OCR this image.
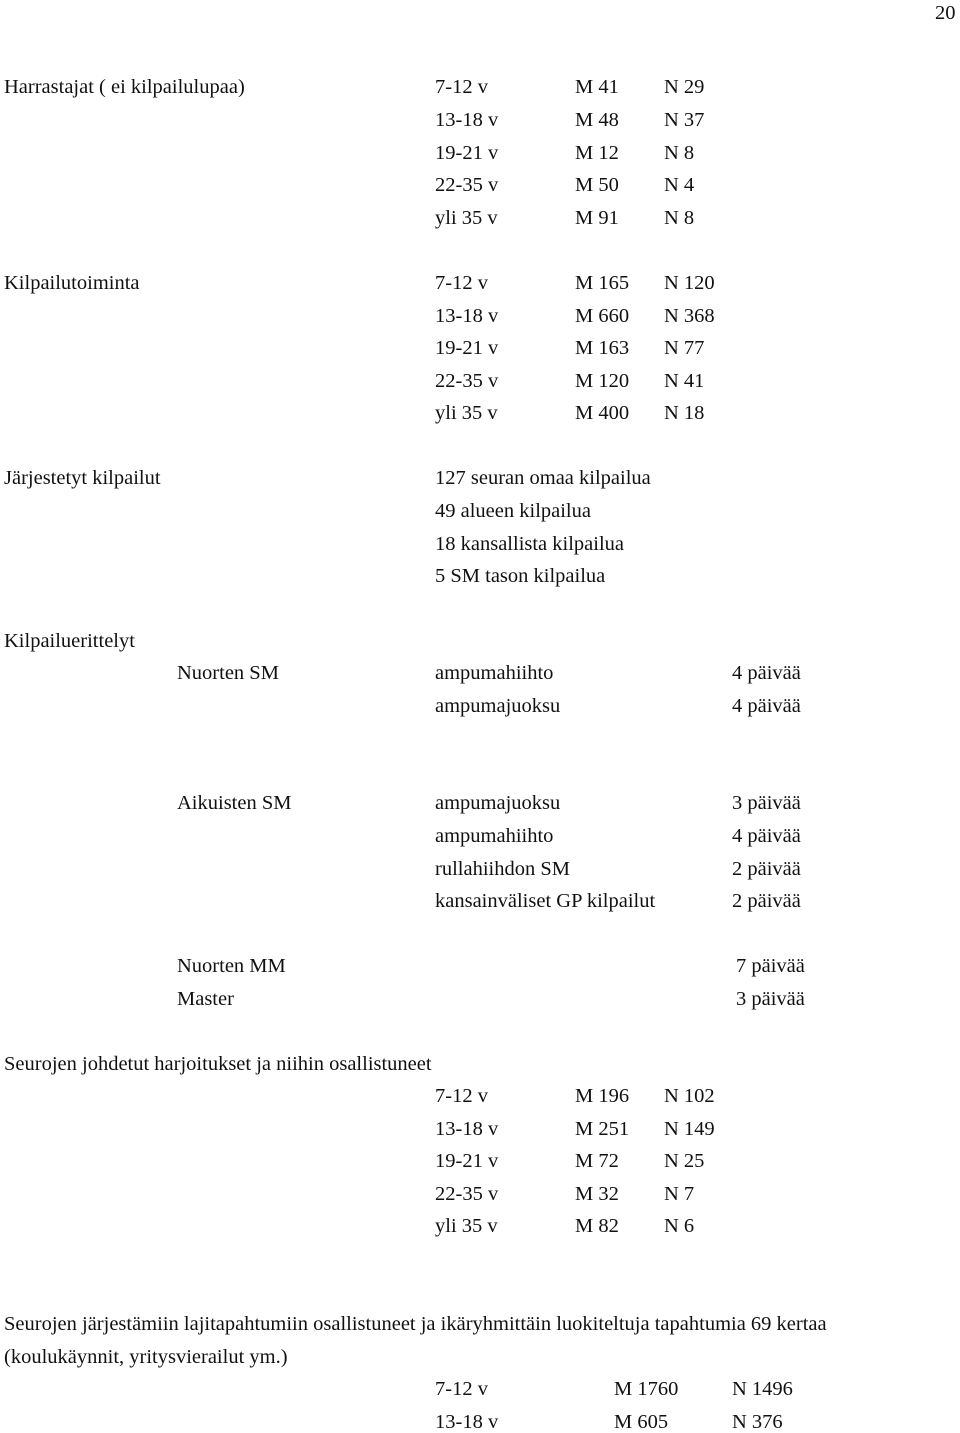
20
Harrastajat ( ei kilpailulupaa)	7-12 v	M 41 N 29
13-18 v	M 48 N 37
19-21 v	M 12 N 8
22-35 v	M 50 N 4
yli 35 v	M 91 N 8
Kilpailutoiminta	7-12 v	M 165 N 120
13-18 v	M 660 N 368
19-21 v	M 163 N 77
22-35 v	M 120 N 41
yli 35 v	M 400 N 18
Järjestetyt kilpailut	127 seuran omaa kilpailua
49 alueen kilpailua
18 kansallista kilpailua
5 SM tason kilpailua
Kilpailuerittelyt
Nuorten SM	ampumahiihto	4 päivää
ampumajuoksu	4 päivää
Aikuisten SM	ampumajuoksu	3 päivää
ampumahiihto	4 päivää
rullahiihdon SM	2 päivää
kansainväliset GP kilpailut	2 päivää
Nuorten MM	7 päivää
Master	3 päivää
Seurojen johdetut harjoitukset ja niihin osallistuneet
7-12 v	M 196 N 102
13-18 v	M 251 N 149
19-21 v	M 72 N 25
22-35 v	M 32 N 7
yli 35 v	M 82 N 6
Seurojen järjestämiin lajitapahtumiin osallistuneet ja ikäryhmittäin luokiteltuja tapahtumia 69 kertaa
(koulukäynnit, yritysvierailut ym.)
7-12 v	M 1760	N 1496
13-18 v	M 605	N 376
